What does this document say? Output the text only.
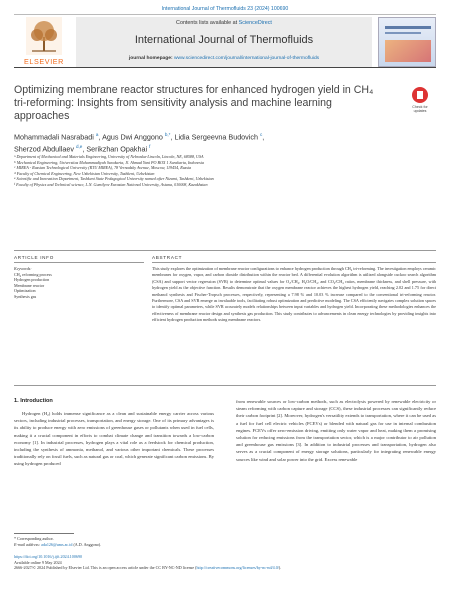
International Journal of Thermofluids 23 (2024) 100690
ELSEVIER
Contents lists available at ScienceDirect
International Journal of Thermofluids
journal homepage: www.sciencedirect.com/journal/international-journal-of-thermofluids
Optimizing membrane reactor structures for enhanced hydrogen yield in CH₄ tri-reforming: Insights from sensitivity analysis and machine learning approaches
Check for
updates
Mohammadali Nasrabadi $^a$, Agus Dwi Anggono $^{b,*}$, Lidia Sergeevna Budovich $^c$,
Sherzod Abdullaev $^{d,e}$, Serikzhan Opakhai $^f$
$^a$Department of Mechanical and Materials Engineering, University of Nebraska-Lincoln, Lincoln, NE, 68588, USA
$^b$Mechanical Engineering, Universitas Muhammadiyah Surakarta, Jl. Ahmad Yani PO BOX 1 Surakarta, Indonesia
$^c$MIREA - Russian Technological University (RTU MIREA), 78 Vernadsky Avenue, Moscow, 119454, Russia
$^d$Faculty of Chemical Engineering, New Uzbekistan University, Tashkent, Uzbekistan
$^e$Scientific and Innovation Department, Tashkent State Pedagogical University named after Nizami, Tashkent, Uzbekistan
$^f$Faculty of Physics and Technical science, L.N. Gumilyov Eurasian National University, Astana, 010008, Kazakhstan
ARTICLE INFO	ABSTRACT
Keywords:
CH₄ reforming process
Hydrogen production
Membrane reactor
Optimization
Synthesis gas
This study explores the optimization of membrane reactor configurations to enhance hydrogen production through CH₄ tri-reforming. The investigation employs ceramic membranes for oxygen, vapor, and carbon dioxide distribution within the reactor bed. A differential evolution algorithm is utilized alongside cuckoo search algorithm (CSA) and support vector regression (SVR) to determine optimal values for O₂/CH₄, H₂O/CH₄, and CO₂/CH₄ ratios, membrane thickness, and shell pressure, with hydrogen yield as the objective function. Results demonstrate that the oxygen membrane reactor achieves the highest hydrogen yield, reaching 2.02 and 1.75 for direct methanol synthesis and Fischer-Tropsch processes, respectively, representing a 7.98 % and 10.03 % increase compared to the conventional tri-reforming reactor. Furthermore, CSA and SVR emerge as invaluable tools, facilitating robust optimization and predictive modeling. The CSA efficiently navigates complex solution spaces to identify optimal parameters, while SVR accurately models relationships between input variables and hydrogen yield. Incorporating these methodologies enhances the effectiveness of membrane reactor design and synthesis gas production. This study contributes to advancements in clean energy technologies by providing insights into efficient hydrogen production methods using membrane reactors.
1. Introduction
Hydrogen (H₂) holds immense significance as a clean and sustainable energy carrier across various sectors, including industrial processes, transportation, and energy storage. One of its primary advantages is its ability to produce energy with zero emissions of greenhouse gases or pollutants when used in fuel cells, making it a crucial component in efforts to combat climate change and transition towards a low-carbon economy [1]. In industrial processes, hydrogen plays a vital role as a feedstock for chemical production, including the synthesis of ammonia, methanol, and various other important chemicals. These processes traditionally rely on fossil fuels, such as natural gas or coal, which generate significant carbon emissions. By using hydrogen produced
from renewable sources or low-carbon methods, such as electrolysis powered by renewable electricity or steam reforming with carbon capture and storage (CCS), these industrial processes can significantly reduce their carbon footprint [2]. Moreover, hydrogen's versatility extends to transportation, where it can be used as a fuel for fuel cell electric vehicles (FCEVs) or blended with natural gas for use in internal combustion engines. FCEVs offer zero-emission driving, emitting only water vapor and heat, making them a promising solution for reducing emissions from the transportation sector, which is a major contributor to air pollution and greenhouse gas emissions [3]. In addition to industrial processes and transportation, hydrogen also serves as a crucial component of energy storage solutions, particularly for integrating renewable energy sources like wind and solar power into the grid. Excess renewable
* Corresponding author.
E-mail address: ada126@ums.ac.id (A.D. Anggono).
https://doi.org/10.1016/j.ijft.2024.100690
Available online 9 May 2024
2666-2027/© 2024 Published by Elsevier Ltd. This is an open access article under the CC BY-NC-ND license (http://creativecommons.org/licenses/by-nc-nd/4.0/).
